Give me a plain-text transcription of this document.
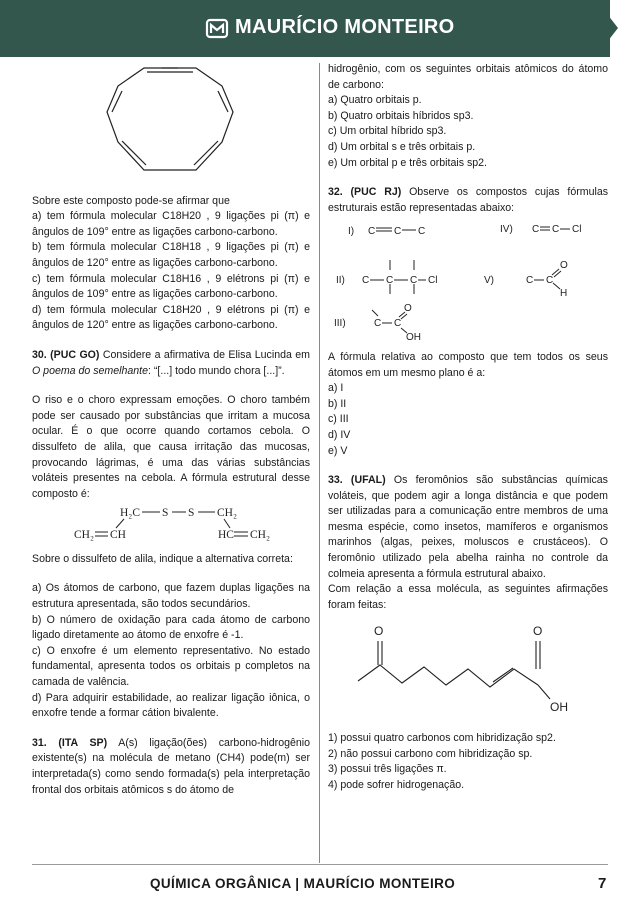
MAURÍCIO MONTEIRO

Sobre este composto pode-se afirmar que

a) tem fórmula molecular C18H20 , 9 ligações pi (π) e ângulos de 109° entre as ligações carbono-carbono.

b) tem fórmula molecular C18H18 , 9 ligações pi (π) e ângulos de 120° entre as ligações carbono-carbono.

c) tem fórmula molecular C18H16 , 9 elétrons pi (π) e ângulos de 109° entre as ligações carbono-carbono.

d) tem fórmula molecular C18H20 , 9 elétrons pi (π) e ângulos de 120° entre as ligações carbono-carbono.

30. (PUC GO) Considere a afirmativa de Elisa Lucinda em O poema do semelhante: “[...] todo mundo chora [...]”.

O riso e o choro expressam emoções. O choro também pode ser causado por substâncias que irritam a mucosa ocular. É o que ocorre quando cortamos cebola. O dissulfeto de alila, que causa irritação das mucosas, provocando lágrimas, é uma das várias substâncias voláteis presentes na cebola. A fórmula estrutural desse composto é:

H₂C S S CH₂
CH₂ CH	HC CH₂

Sobre o dissulfeto de alila, indique a alternativa correta:

a) Os átomos de carbono, que fazem duplas ligações na estrutura apresentada, são todos secundários.

b) O número de oxidação para cada átomo de carbono ligado diretamente ao átomo de enxofre é -1.

c) O enxofre é um elemento representativo. No estado fundamental, apresenta todos os orbitais p completos na camada de valência.

d) Para adquirir estabilidade, ao realizar ligação iônica, o enxofre tende a formar cátion bivalente.

31. (ITA SP) A(s) ligação(ões) carbono-hidrogênio existente(s) na molécula de metano (CH4) pode(m) ser interpretada(s) como sendo formada(s) pela interpretação frontal dos orbitais atômicos s do átomo de

hidrogênio, com os seguintes orbitais atômicos do átomo de carbono:

a) Quatro orbitais p.

b) Quatro orbitais híbridos sp3.

c) Um orbital híbrido sp3.

d) Um orbital s e três orbitais p.

e) Um orbital p e três orbitais sp2.

32. (PUC RJ) Observe os compostos cujas fórmulas estruturais estão representadas abaixo:

I) C C C	IV) C C Cl
II) C C C Cl	V)	C C
O
H
III)	C C
O
OH

A fórmula relativa ao composto que tem todos os seus átomos em um mesmo plano é a:

a) I

b) II

c) III

d) IV

e) V

33. (UFAL) Os feromônios são substâncias químicas voláteis, que podem agir a longa distância e que podem ser utilizadas para a comunicação entre membros de uma mesma espécie, como insetos, mamíferos e organismos marinhos (algas, peixes, moluscos e crustáceos). O feromônio utilizado pela abelha rainha no controle da colmeia apresenta a fórmula estrutural abaixo.

Com relação a essa molécula, as seguintes afirmações foram feitas:

O	O
OH

1) possui quatro carbonos com hibridização sp2.

2) não possui carbono com hibridização sp.

3) possui três ligações π.

4) pode sofrer hidrogenação.

QUÍMICA ORGÂNICA | MAURÍCIO MONTEIRO	7
